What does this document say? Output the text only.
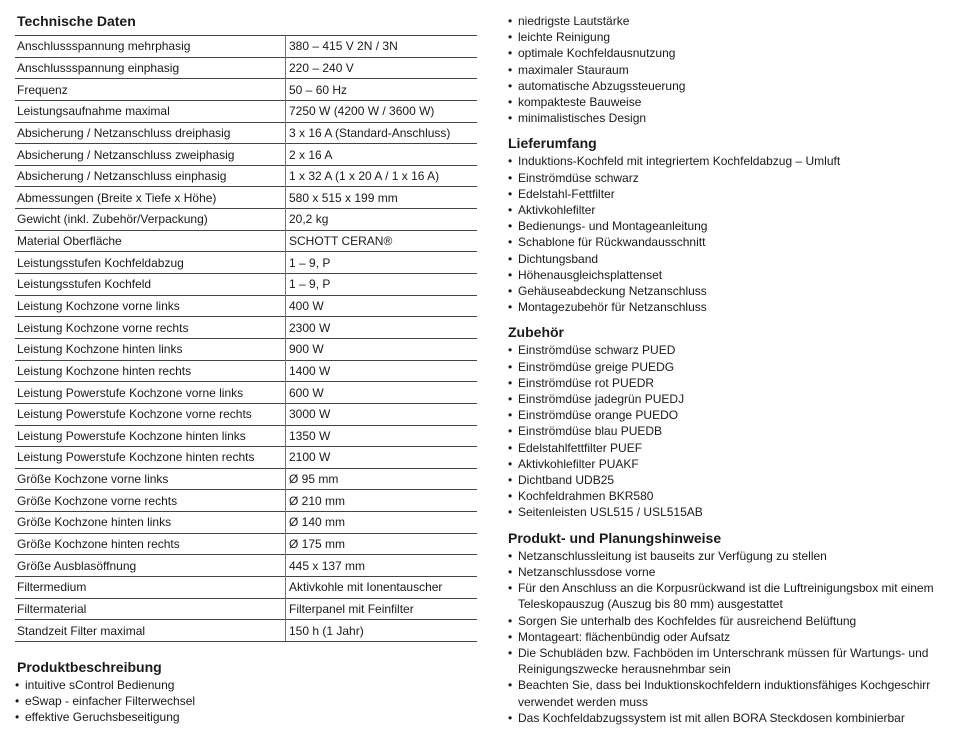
Technische Daten
Anschlussspannung mehrphasig	380 – 415 V 2N / 3N
Anschlussspannung einphasig	220 – 240 V
Frequenz	50 – 60 Hz
Leistungsaufnahme maximal	7250 W (4200 W / 3600 W)
Absicherung / Netzanschluss dreiphasig	3 x 16 A (Standard-Anschluss)
Absicherung / Netzanschluss zweiphasig	2 x 16 A
Absicherung / Netzanschluss einphasig	1 x 32 A (1 x 20 A / 1 x 16 A)
Abmessungen (Breite x Tiefe x Höhe)	580 x 515 x 199 mm
Gewicht (inkl. Zubehör/Verpackung)	20,2 kg
Material Oberfläche	SCHOTT CERAN®
Leistungsstufen Kochfeldabzug	1 – 9, P
Leistungsstufen Kochfeld	1 – 9, P
Leistung Kochzone vorne links	400 W
Leistung Kochzone vorne rechts	2300 W
Leistung Kochzone hinten links	900 W
Leistung Kochzone hinten rechts	1400 W
Leistung Powerstufe Kochzone vorne links	600 W
Leistung Powerstufe Kochzone vorne rechts	3000 W
Leistung Powerstufe Kochzone hinten links	1350 W
Leistung Powerstufe Kochzone hinten rechts	2100 W
Größe Kochzone vorne links	Ø 95 mm
Größe Kochzone vorne rechts	Ø 210 mm
Größe Kochzone hinten links	Ø 140 mm
Größe Kochzone hinten rechts	Ø 175 mm
Größe Ausblasöffnung	445 x 137 mm
Filtermedium	Aktivkohle mit Ionentauscher
Filtermaterial	Filterpanel mit Feinfilter
Standzeit Filter maximal	150 h (1 Jahr)
Produktbeschreibung
• intuitive sControl Bedienung
• eSwap - einfacher Filterwechsel
• effektive Geruchsbeseitigung
• niedrigste Lautstärke
• leichte Reinigung
• optimale Kochfeldausnutzung
• maximaler Stauraum
• automatische Abzugssteuerung
• kompakteste Bauweise
• minimalistisches Design
Lieferumfang
• Induktions-Kochfeld mit integriertem Kochfeldabzug – Umluft
• Einströmdüse schwarz
• Edelstahl-Fettfilter
• Aktivkohlefilter
• Bedienungs- und Montageanleitung
• Schablone für Rückwandausschnitt
• Dichtungsband
• Höhenausgleichsplattenset
• Gehäuseabdeckung Netzanschluss
• Montagezubehör für Netzanschluss
Zubehör
• Einströmdüse schwarz PUED
• Einströmdüse greige PUEDG
• Einströmdüse rot PUEDR
• Einströmdüse jadegrün PUEDJ
• Einströmdüse orange PUEDO
• Einströmdüse blau PUEDB
• Edelstahlfettfilter PUEF
• Aktivkohlefilter PUAKF
• Dichtband UDB25
• Kochfeldrahmen BKR580
• Seitenleisten USL515 / USL515AB
Produkt- und Planungshinweise
• Netzanschlussleitung ist bauseits zur Verfügung zu stellen
• Netzanschlussdose vorne
• Für den Anschluss an die Korpusrückwand ist die Luftreinigungsbox mit einem Teleskopauszug (Auszug bis 80 mm) ausgestattet
• Sorgen Sie unterhalb des Kochfeldes für ausreichend Belüftung
• Montageart: flächenbündig oder Aufsatz
• Die Schubläden bzw. Fachböden im Unterschrank müssen für Wartungs- und Reinigungszwecke herausnehmbar sein
• Beachten Sie, dass bei Induktionskochfeldern induktionsfähiges Kochgeschirr verwendet werden muss
• Das Kochfeldabzugssystem ist mit allen BORA Steckdosen kombinierbar
